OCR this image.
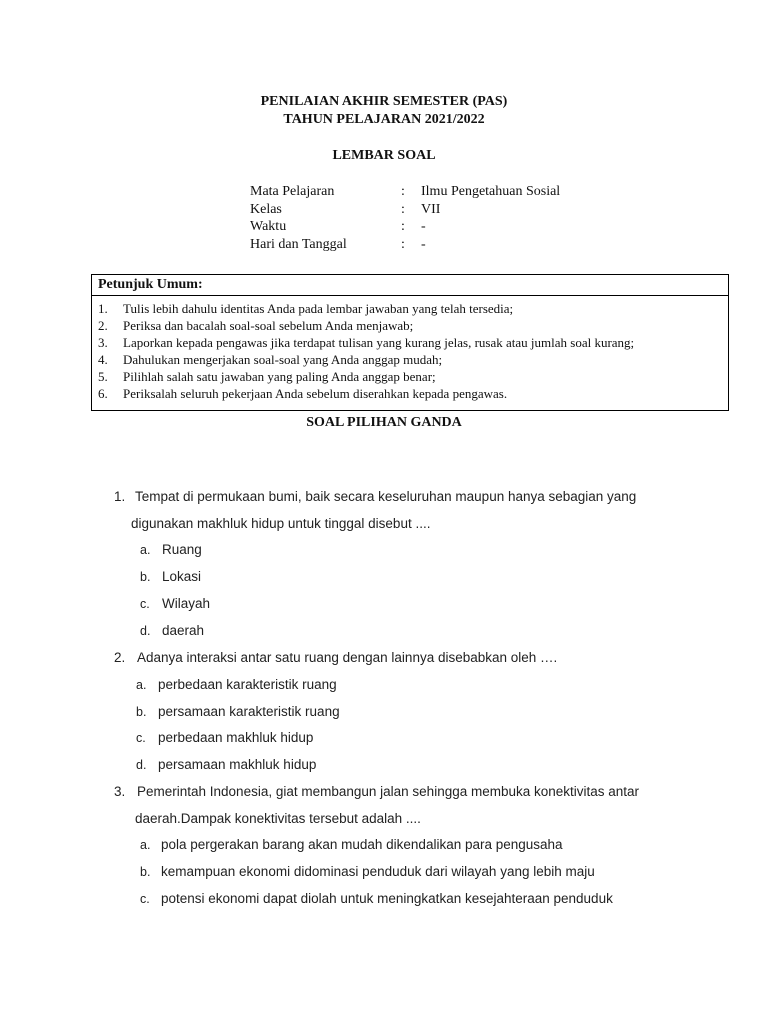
PENILAIAN AKHIR SEMESTER (PAS)
TAHUN PELAJARAN 2021/2022
LEMBAR SOAL
Mata Pelajaran	: Ilmu Pengetahuan Sosial
Kelas	: VII
Waktu	: -
Hari dan Tanggal	: -
Petunjuk Umum:
1. Tulis lebih dahulu identitas Anda pada lembar jawaban yang telah tersedia;
2. Periksa dan bacalah soal-soal sebelum Anda menjawab;
3. Laporkan kepada pengawas jika terdapat tulisan yang kurang jelas, rusak atau jumlah soal kurang;
4. Dahulukan mengerjakan soal-soal yang Anda anggap mudah;
5. Pilihlah salah satu jawaban yang paling Anda anggap benar;
6. Periksalah seluruh pekerjaan Anda sebelum diserahkan kepada pengawas.
SOAL PILIHAN GANDA
1. Tempat di permukaan bumi, baik secara keseluruhan maupun hanya sebagian yang
digunakan makhluk hidup untuk tinggal disebut ....
a. Ruang
b. Lokasi
c. Wilayah
d. daerah
2. Adanya interaksi antar satu ruang dengan lainnya disebabkan oleh ….
a. perbedaan karakteristik ruang
b. persamaan karakteristik ruang
c. perbedaan makhluk hidup
d. persamaan makhluk hidup
3. Pemerintah Indonesia, giat membangun jalan sehingga membuka konektivitas antar
daerah.Dampak konektivitas tersebut adalah ....
a. pola pergerakan barang akan mudah dikendalikan para pengusaha
b. kemampuan ekonomi didominasi penduduk dari wilayah yang lebih maju
c. potensi ekonomi dapat diolah untuk meningkatkan kesejahteraan penduduk
